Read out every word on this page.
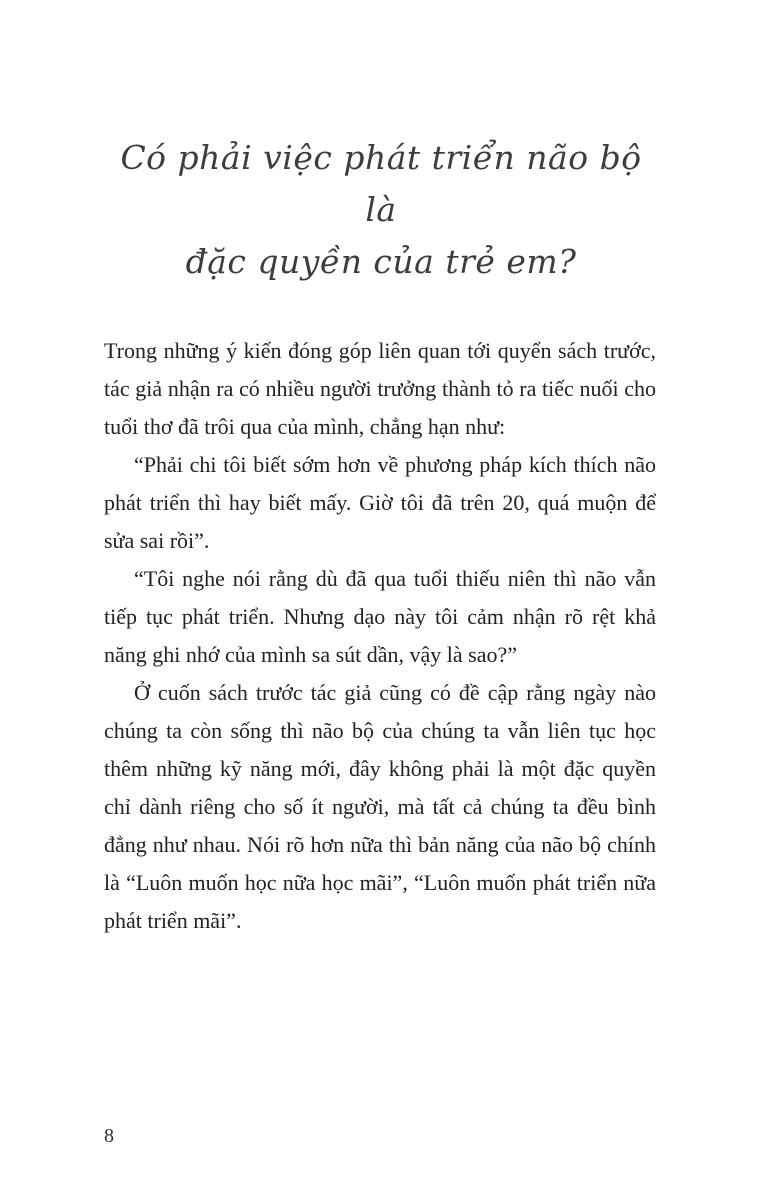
Có phải việc phát triển não bộ là
đặc quyền của trẻ em?

Trong những ý kiến đóng góp liên quan tới quyển sách trước, tác giả nhận ra có nhiều người trưởng thành tỏ ra tiếc nuối cho tuổi thơ đã trôi qua của mình, chẳng hạn như:

“Phải chi tôi biết sớm hơn về phương pháp kích thích não phát triển thì hay biết mấy. Giờ tôi đã trên 20, quá muộn để sửa sai rồi”.

“Tôi nghe nói rằng dù đã qua tuổi thiếu niên thì não vẫn tiếp tục phát triển. Nhưng dạo này tôi cảm nhận rõ rệt khả năng ghi nhớ của mình sa sút dần, vậy là sao?”

Ở cuốn sách trước tác giả cũng có đề cập rằng ngày nào chúng ta còn sống thì não bộ của chúng ta vẫn liên tục học thêm những kỹ năng mới, đây không phải là một đặc quyền chỉ dành riêng cho số ít người, mà tất cả chúng ta đều bình đẳng như nhau. Nói rõ hơn nữa thì bản năng của não bộ chính là “Luôn muốn học nữa học mãi”, “Luôn muốn phát triển nữa phát triển mãi”.

8
